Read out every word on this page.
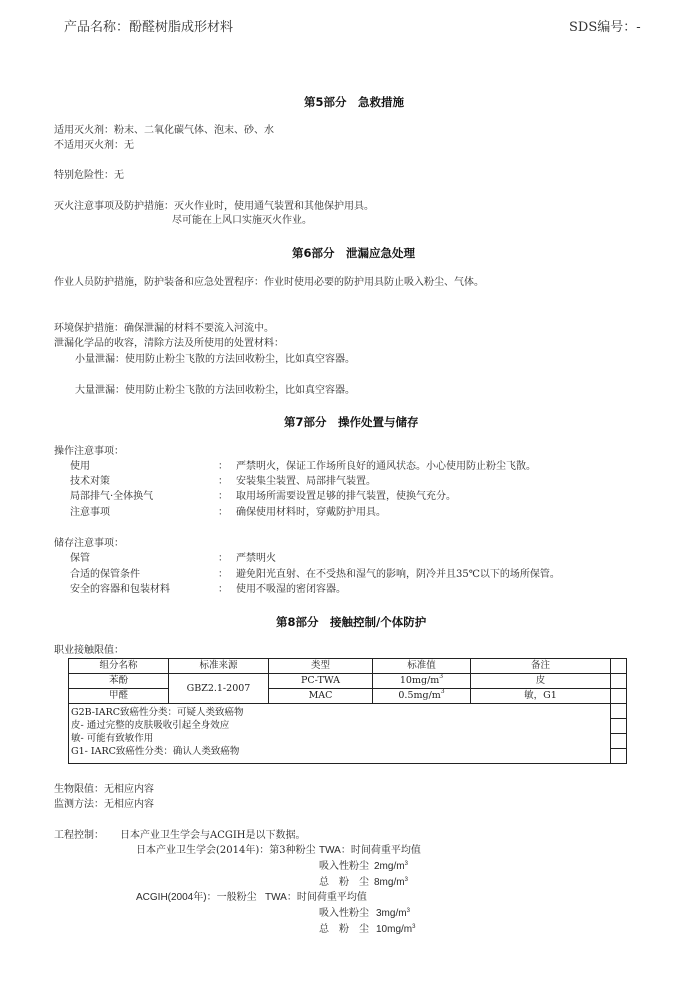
产品名称：酚醛树脂成形材料	SDS编号：-
第5部分　急救措施
适用灭火剂：粉末、二氧化碳气体、泡末、砂、水
不适用灭火剂：无
特别危险性：无
灭火注意事项及防护措施：灭火作业时，使用通气装置和其他保护用具。
尽可能在上风口实施灭火作业。
第6部分　泄漏应急处理
作业人员防护措施，防护装备和应急处置程序：作业时使用必要的防护用具防止吸入粉尘、气体。
环境保护措施：确保泄漏的材料不要流入河流中。
泄漏化学品的收容，清除方法及所使用的处置材料：
小量泄漏：使用防止粉尘飞散的方法回收粉尘，比如真空容器。
大量泄漏：使用防止粉尘飞散的方法回收粉尘，比如真空容器。
第7部分　操作处置与储存
操作注意事项：
使用	： 严禁明火，保证工作场所良好的通风状态。小心使用防止粉尘飞散。
技术对策	： 安装集尘装置、局部排气装置。
局部排气·全体换气	： 取用场所需要设置足够的排气装置，使换气充分。
注意事项	： 确保使用材料时，穿戴防护用具。
储存注意事项：
保管	： 严禁明火
合适的保管条件	： 避免阳光直射、在不受热和湿气的影响，阴冷并且35℃以下的场所保管。
安全的容器和包装材料	： 使用不吸湿的密闭容器。
第8部分　接触控制/个体防护
职业接触限值：
组分名称	标准来源	类型	标准值	备注	
苯酚	GBZ2.1-2007	PC-TWA	$10mg/m^3$	皮	
甲醛		MAC	$0.5mg/m^3$	敏，G1	

G2B-IARC致癌性分类：可疑人类致癌物
皮- 通过完整的皮肤吸收引起全身效应
敏- 可能有致敏作用
G1- IARC致癌性分类：确认人类致癌物					

生物限值：无相应内容
监测方法：无相应内容
工程控制： 日本产业卫生学会与ACGIH是以下数据。
日本产业卫生学会(2014年)：第3种粉尘 TWA：时间荷重平均值
吸入性粉尘 $2mg/m^3$
总　粉　尘 $8mg/m^3$
ACGIH(2004年)：一般粉尘 TWA：时间荷重平均值
吸入性粉尘 $3mg/m^3$
总　粉　尘 $10mg/m^3$
